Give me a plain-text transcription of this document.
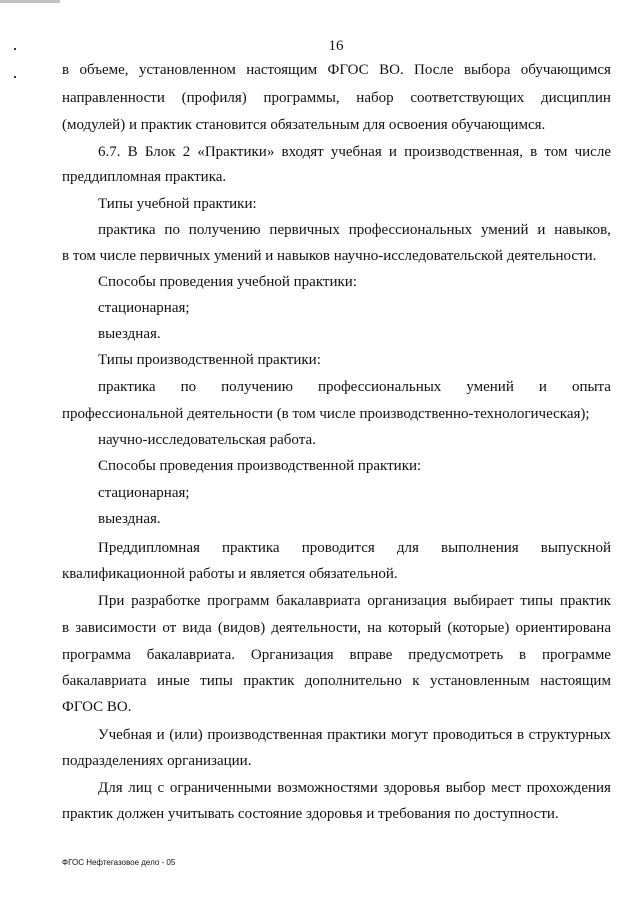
16
в объеме, установленном настоящим ФГОС ВО. После выбора обучающимся
направленности (профиля) программы, набор соответствующих дисциплин
(модулей) и практик становится обязательным для освоения обучающимся.
6.7. В Блок 2 «Практики» входят учебная и производственная, в том числе
преддипломная практика.
Типы учебной практики:
практика по получению первичных профессиональных умений и навыков,
в том числе первичных умений и навыков научно-исследовательской деятельности.
Способы проведения учебной практики:
стационарная;
выездная.
Типы производственной практики:
практика по получению профессиональных умений и опыта
профессиональной деятельности (в том числе производственно-технологическая);
научно-исследовательская работа.
Способы проведения производственной практики:
стационарная;
выездная.
Преддипломная практика проводится для выполнения выпускной
квалификационной работы и является обязательной.
При разработке программ бакалавриата организация выбирает типы практик
в зависимости от вида (видов) деятельности, на который (которые) ориентирована
программа бакалавриата. Организация вправе предусмотреть в программе
бакалавриата иные типы практик дополнительно к установленным настоящим
ФГОС ВО.
Учебная и (или) производственная практики могут проводиться в структурных
подразделениях организации.
Для лиц с ограниченными возможностями здоровья выбор мест прохождения
практик должен учитывать состояние здоровья и требования по доступности.
ФГОС Нефтегазовое дело - 05
